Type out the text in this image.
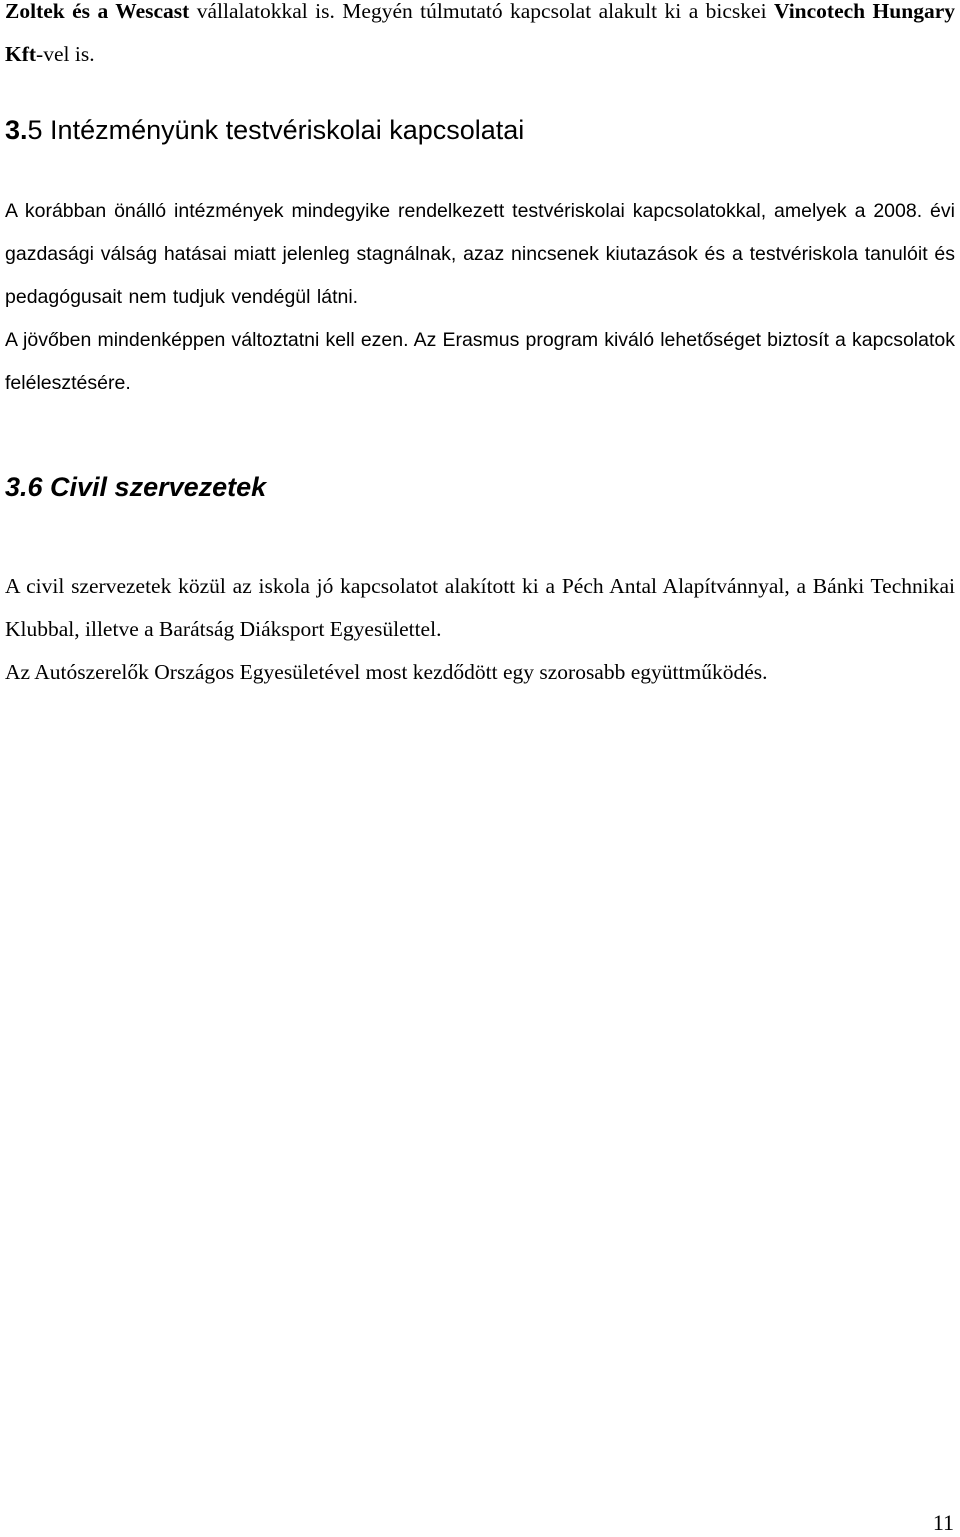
Zoltek és a Wescast vállalatokkal is. Megyén túlmutató kapcsolat alakult ki a bicskei Vincotech Hungary Kft-vel is.

3.5 Intézményünk testvériskolai kapcsolatai

A korábban önálló intézmények mindegyike rendelkezett testvériskolai kapcsolatokkal, amelyek a 2008. évi gazdasági válság hatásai miatt jelenleg stagnálnak, azaz nincsenek kiutazások és a testvériskola tanulóit és pedagógusait nem tudjuk vendégül látni.

A jövőben mindenképpen változtatni kell ezen. Az Erasmus program kiváló lehetőséget biztosít a kapcsolatok felélesztésére.

3.6 Civil szervezetek

A civil szervezetek közül az iskola jó kapcsolatot alakított ki a Péch Antal Alapítvánnyal, a Bánki Technikai Klubbal, illetve a Barátság Diáksport Egyesülettel.

Az Autószerelők Országos Egyesületével most kezdődött egy szorosabb együttműködés.

11
